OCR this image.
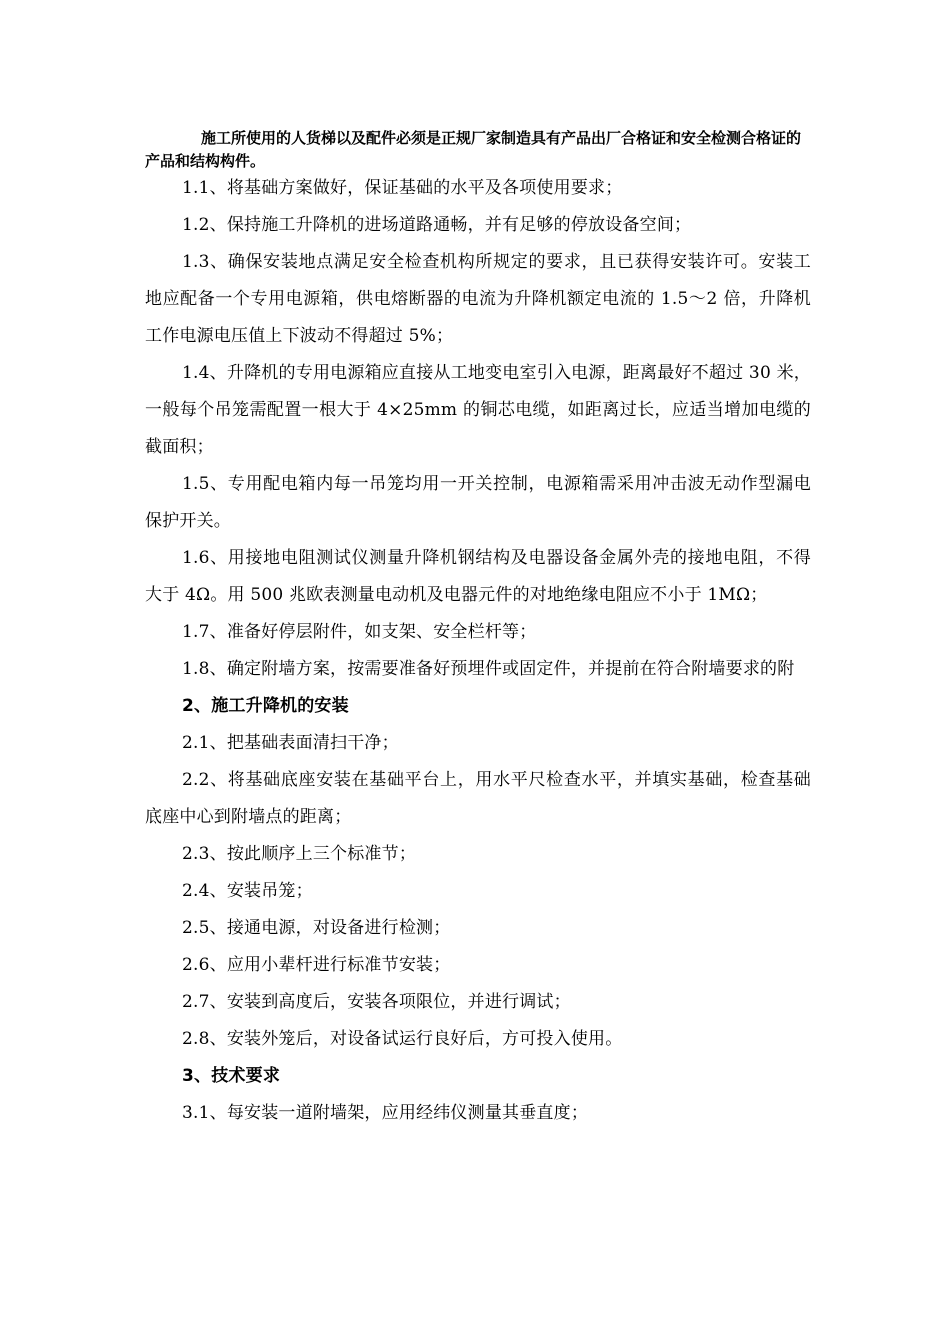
施工所使用的人货梯以及配件必须是正规厂家制造具有产品出厂合格证和安全检测合格证的产品和结构构件。

1.1、将基础方案做好，保证基础的水平及各项使用要求；

1.2、保持施工升降机的进场道路通畅，并有足够的停放设备空间；

1.3、确保安装地点满足安全检查机构所规定的要求，且已获得安装许可。安装工地应配备一个专用电源箱，供电熔断器的电流为升降机额定电流的 1.5～2 倍，升降机工作电源电压值上下波动不得超过 5%；

1.4、升降机的专用电源箱应直接从工地变电室引入电源，距离最好不超过 30 米，一般每个吊笼需配置一根大于 4×25mm 的铜芯电缆，如距离过长，应适当增加电缆的截面积；

1.5、专用配电箱内每一吊笼均用一开关控制，电源箱需采用冲击波无动作型漏电保护开关。

1.6、用接地电阻测试仪测量升降机钢结构及电器设备金属外壳的接地电阻，不得大于 4Ω。用 500 兆欧表测量电动机及电器元件的对地绝缘电阻应不小于 1MΩ；

1.7、准备好停层附件，如支架、安全栏杆等；

1.8、确定附墙方案，按需要准备好预埋件或固定件，并提前在符合附墙要求的附

2、施工升降机的安装

2.1、把基础表面清扫干净；

2.2、将基础底座安装在基础平台上，用水平尺检查水平，并填实基础，检查基础底座中心到附墙点的距离；

2.3、按此顺序上三个标准节；

2.4、安装吊笼；

2.5、接通电源，对设备进行检测；

2.6、应用小辈杆进行标准节安装；

2.7、安装到高度后，安装各项限位，并进行调试；

2.8、安装外笼后，对设备试运行良好后，方可投入使用。

3、技术要求

3.1、每安装一道附墙架，应用经纬仪测量其垂直度；
